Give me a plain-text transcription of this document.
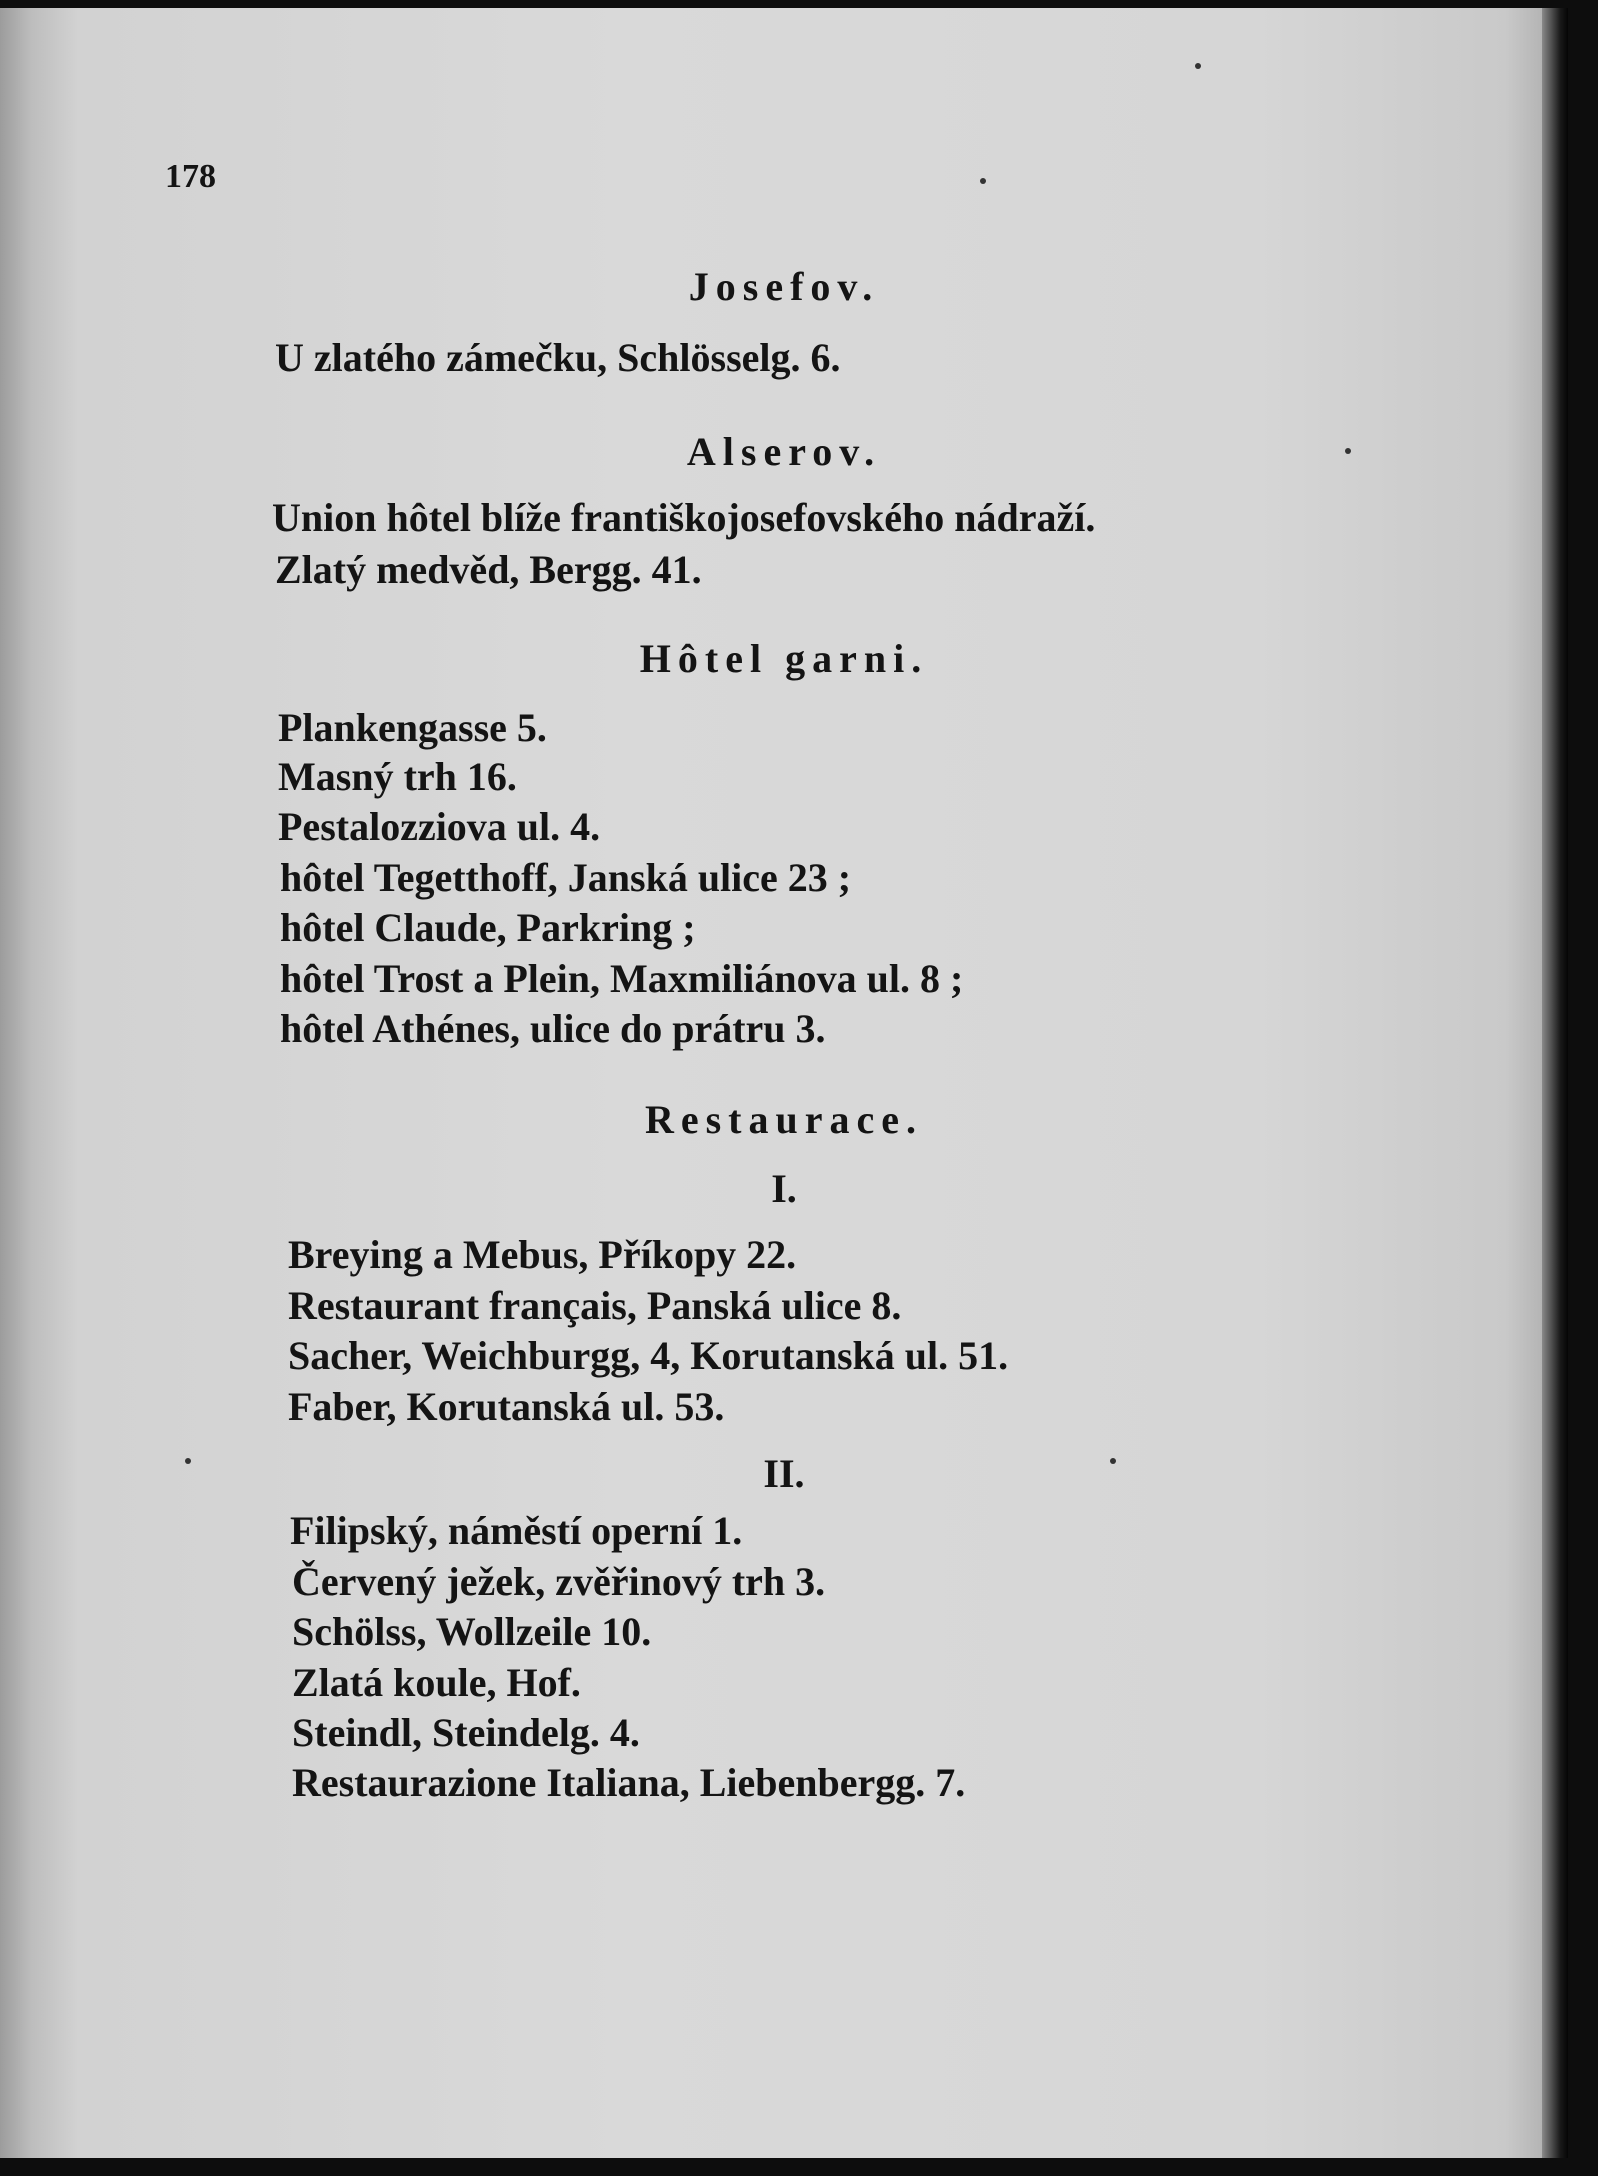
178
Josefov.
U zlatého zámečku, Schlösselg. 6.
Alserov.
Union hôtel blíže františkojosefovského nádraží.
Zlatý medvěd, Bergg. 41.
Hôtel garni.
Plankengasse 5.
Masný trh 16.
Pestalozziova ul. 4.
hôtel Tegetthoff, Janská ulice 23 ;
hôtel Claude, Parkring ;
hôtel Trost a Plein, Maxmiliánova ul. 8 ;
hôtel Athénes, ulice do prátru 3.
Restaurace.
I.
Breying a Mebus, Příkopy 22.
Restaurant français, Panská ulice 8.
Sacher, Weichburgg, 4, Korutanská ul. 51.
Faber, Korutanská ul. 53.
II.
Filipský, náměstí operní 1.
Červený ježek, zvěřinový trh 3.
Schölss, Wollzeile 10.
Zlatá koule, Hof.
Steindl, Steindelg. 4.
Restaurazione Italiana, Liebenbergg. 7.
